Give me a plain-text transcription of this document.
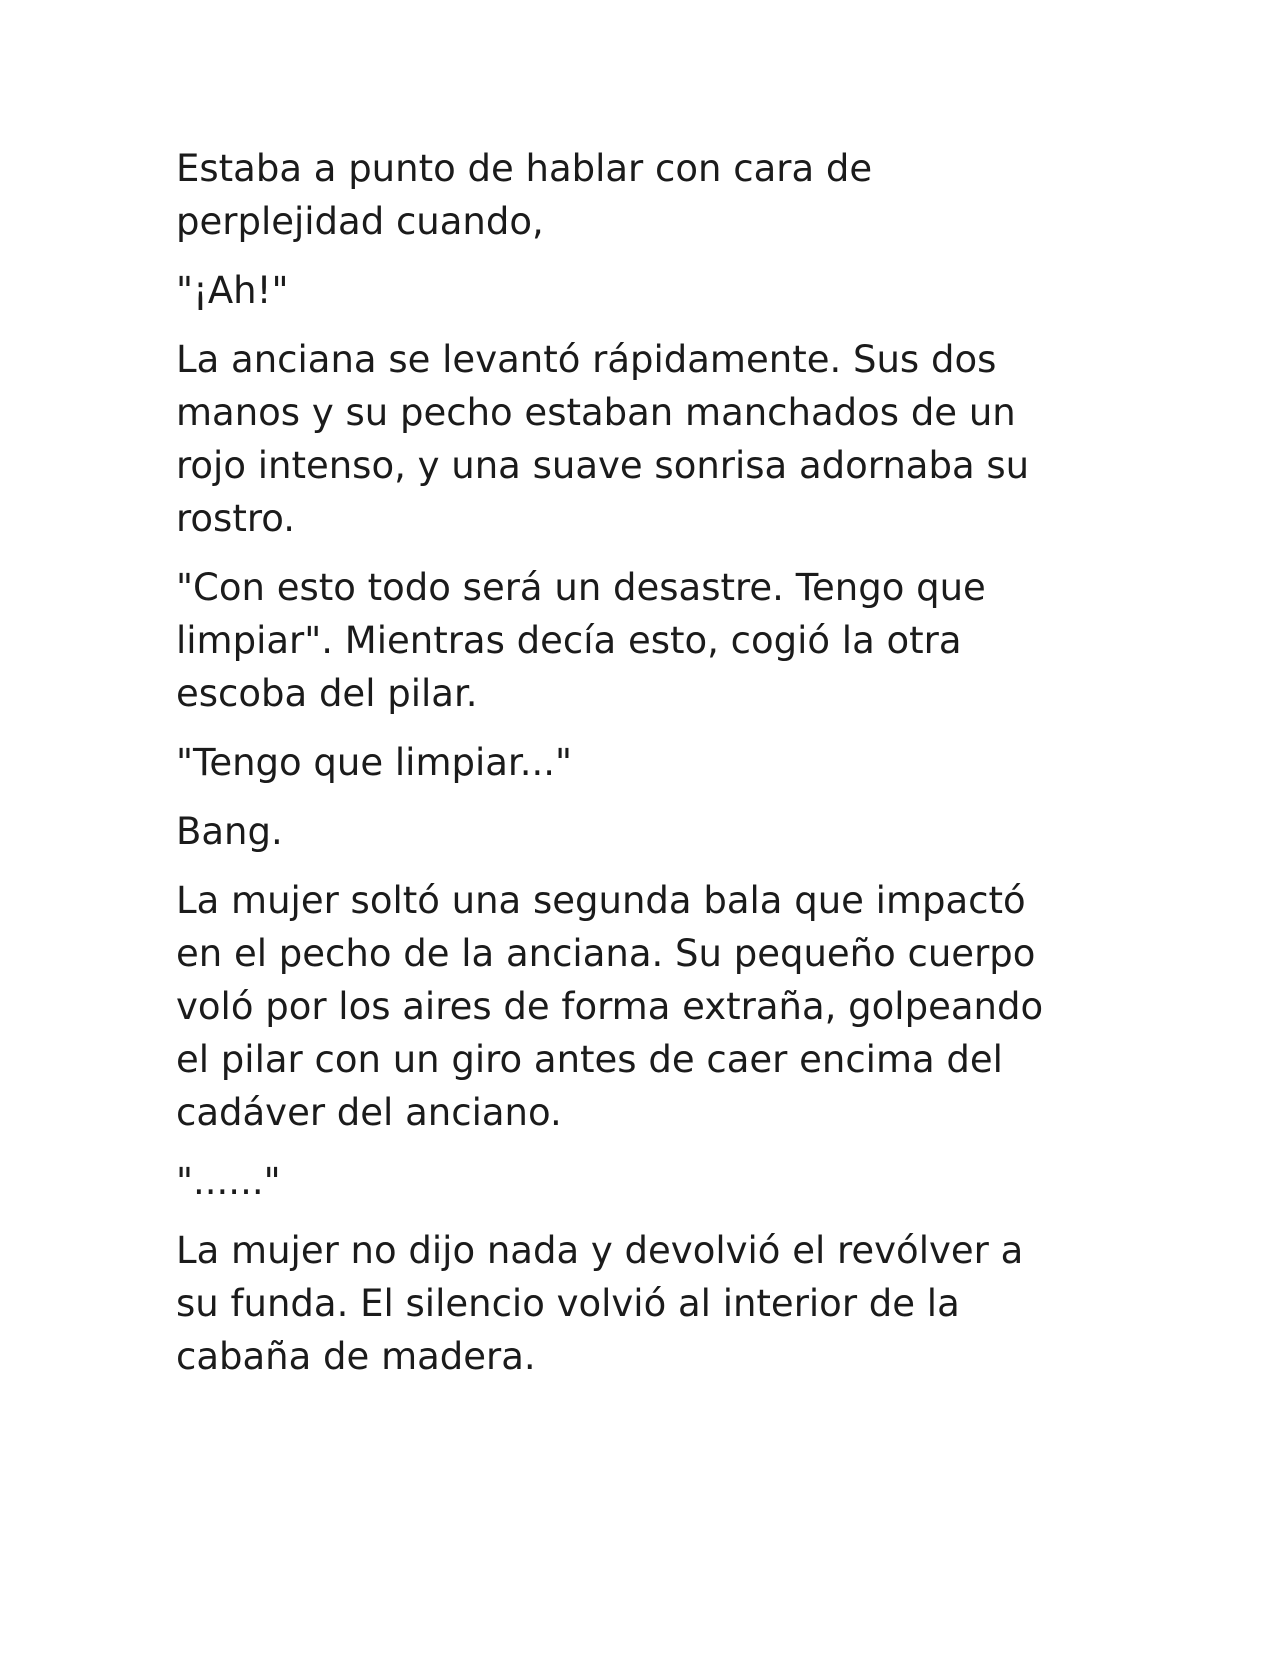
Estaba a punto de hablar con cara de perplejidad cuando,

"¡Ah!"

La anciana se levantó rápidamente. Sus dos manos y su pecho estaban manchados de un rojo intenso, y una suave sonrisa adornaba su rostro.

"Con esto todo será un desastre. Tengo que limpiar". Mientras decía esto, cogió la otra escoba del pilar.

"Tengo que limpiar..."

Bang.

La mujer soltó una segunda bala que impactó en el pecho de la anciana. Su pequeño cuerpo voló por los aires de forma extraña, golpeando el pilar con un giro antes de caer encima del cadáver del anciano.

"......"

La mujer no dijo nada y devolvió el revólver a su funda. El silencio volvió al interior de la cabaña de madera.
